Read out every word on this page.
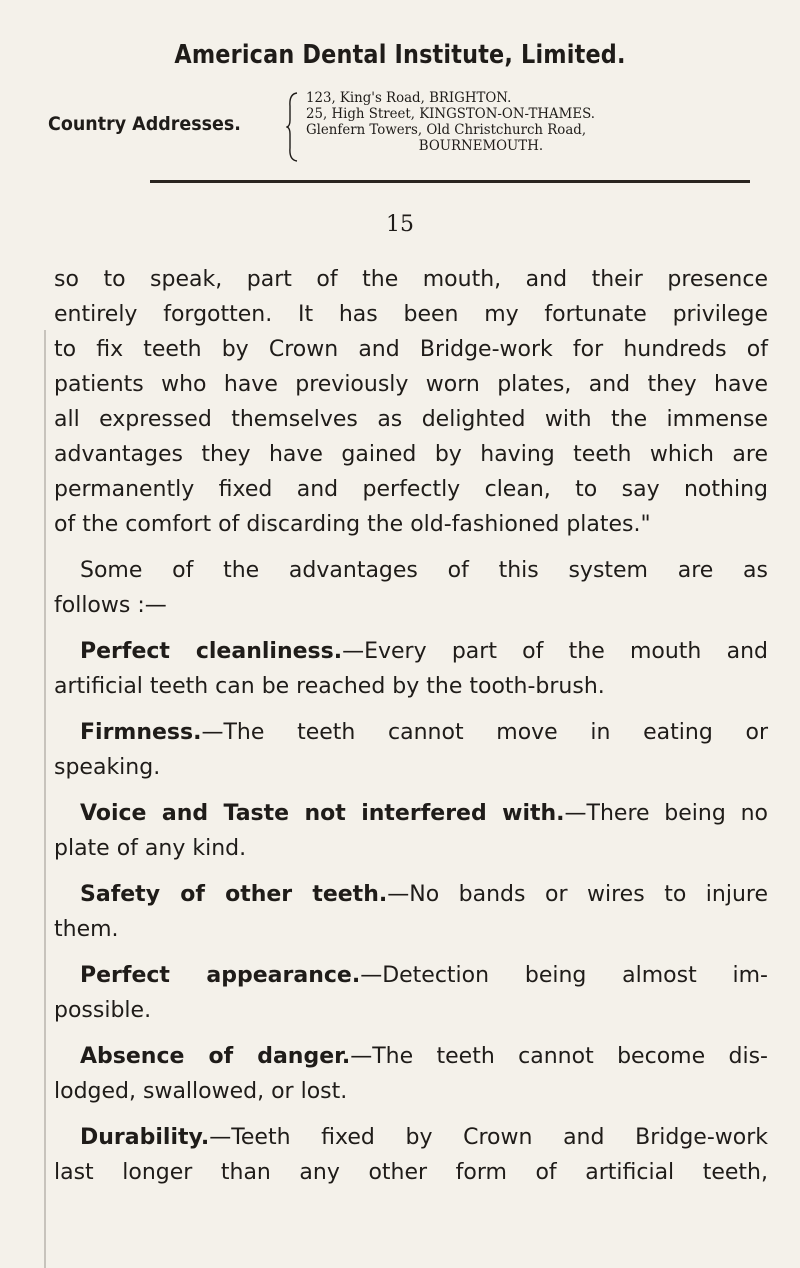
American Dental Institute, Limited.
Country Addresses.
123, King's Road, BRIGHTON.
25, High Street, KINGSTON-ON-THAMES.
Glenfern Towers, Old Christchurch Road,
BOURNEMOUTH.
15
so to speak, part of the mouth, and their presence
entirely forgotten. It has been my fortunate privilege
to fix teeth by Crown and Bridge-work for hundreds of
patients who have previously worn plates, and they have
all expressed themselves as delighted with the immense
advantages they have gained by having teeth which are
permanently fixed and perfectly clean, to say nothing
of the comfort of discarding the old-fashioned plates."
Some of the advantages of this system are as
follows :—
Perfect cleanliness.—Every part of the mouth and
artificial teeth can be reached by the tooth-brush.
Firmness.—The teeth cannot move in eating or
speaking.
Voice and Taste not interfered with.—There being no
plate of any kind.
Safety of other teeth.—No bands or wires to injure
them.
Perfect appearance.—Detection being almost im-
possible.
Absence of danger.—The teeth cannot become dis-
lodged, swallowed, or lost.
Durability.—Teeth fixed by Crown and Bridge-work
last longer than any other form of artificial teeth,
